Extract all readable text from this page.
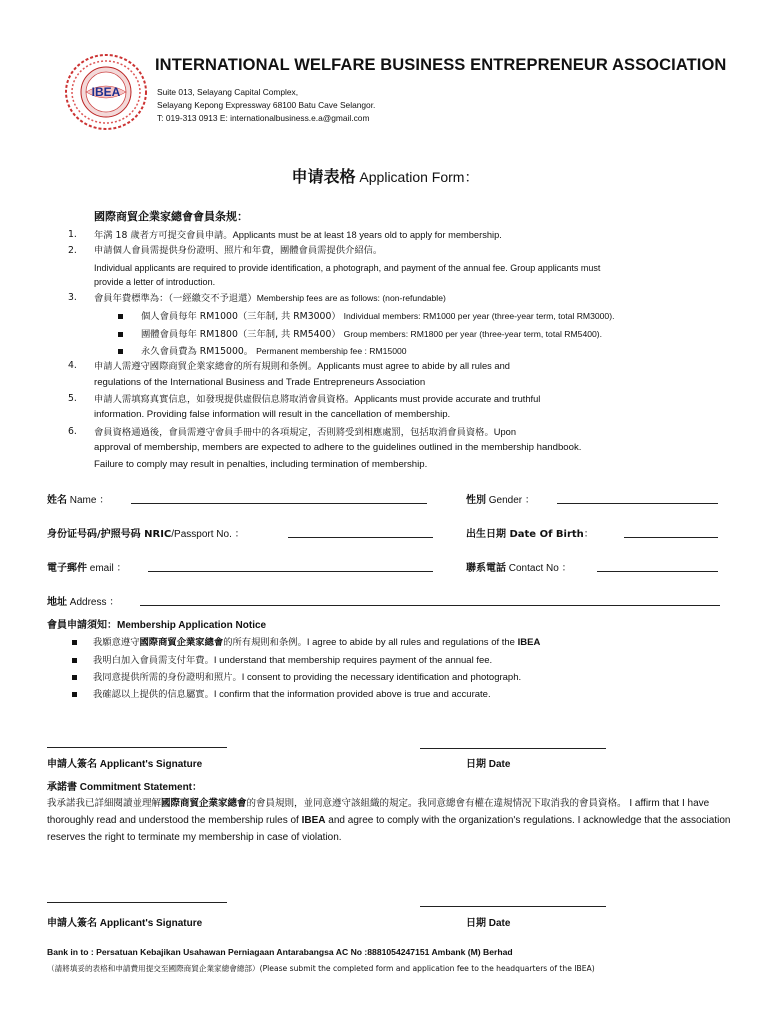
IBEA
INTERNATIONAL WELFARE BUSINESS ENTREPRENEUR ASSOCIATION
Suite 013, Selayang Capital Complex,
Selayang Kepong Expressway 68100 Batu Cave Selangor.
T: 019-313 0913 E: internationalbusiness.e.a@gmail.com
申请表格 Application Form：
國際商貿企業家總會會員条规：
1. 年满 18 歲者方可提交會員申請。Applicants must be at least 18 years old to apply for membership.
2. 申請個人會員需提供身份證明、照片和年費，團體會員需提供介紹信。
Individual applicants are required to provide identification, a photograph, and payment of the annual fee. Group applicants must
provide a letter of introduction.
3. 會員年費標準為：（一經繳交不予退還）Membership fees are as follows: (non-refundable)
個人會員每年 RM1000（三年制, 共 RM3000） Individual members: RM1000 per year (three-year term, total RM3000).
團體會員每年 RM1800（三年制, 共 RM5400） Group members: RM1800 per year (three-year term, total RM5400).
永久會員費為 RM15000。 Permanent membership fee : RM15000
4. 申請人需遵守國際商貿企業家總會的所有規則和条例。Applicants must agree to abide by all rules and
regulations of the International Business and Trade Entrepreneurs Association
5. 申請人需填寫真實信息，如發現提供虛假信息將取消會員資格。Applicants must provide accurate and truthful
information. Providing false information will result in the cancellation of membership.
6. 會員資格通過後，會員需遵守會員手冊中的各項規定，否則將受到相應處罰，包括取消會員資格。Upon
approval of membership, members are expected to adhere to the guidelines outlined in the membership handbook.
Failure to comply may result in penalties, including termination of membership.
姓名 Name ：	性別 Gender ：
身份证号码/护照号码 NRIC/Passport No. ：	出生日期 Date Of Birth：
電子郵件 email ：	聯系電話 Contact No ：
地址 Address ：
會員申請須知：Membership Application Notice
我願意遵守國際商貿企業家總會的所有規則和条例。I agree to abide by all rules and regulations of the IBEA
我明白加入會員需支付年費。I understand that membership requires payment of the annual fee.
我同意提供所需的身份證明和照片。I consent to providing the necessary identification and photograph.
我確認以上提供的信息屬實。I confirm that the information provided above is true and accurate.
申請人簽名 Applicant's Signature	日期 Date
承諾書 Commitment Statement：
我承諾我已詳細閱讀並理解國際商貿企業家總會的會員規則，並同意遵守該組織的規定。我同意總會有權在違規情況下取消我的會員資格。 I affirm that I have thoroughly read and understood the membership rules of IBEA and agree to comply with the organization's regulations. I acknowledge that the association reserves the right to terminate my membership in case of violation.
申請人簽名 Applicant's Signature	日期 Date
Bank in to : Persatuan Kebajikan Usahawan Perniagaan Antarabangsa AC No :8881054247151 Ambank (M) Berhad
（請將填妥的表格和申請費用提交至國際商貿企業家總會總部）(Please submit the completed form and application fee to the headquarters of the IBEA)
